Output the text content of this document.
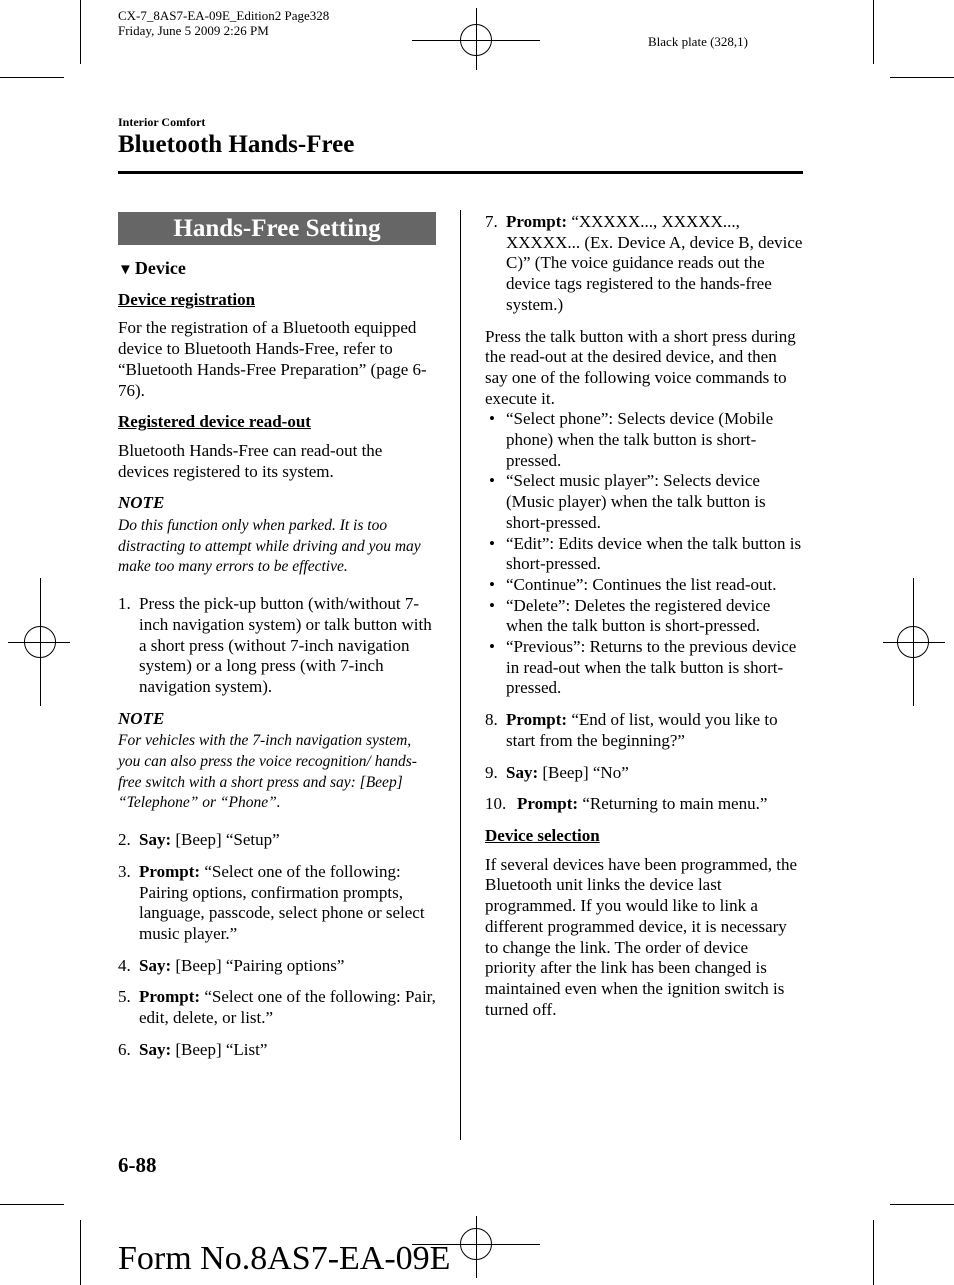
CX-7_8AS7-EA-09E_Edition2 Page328
Friday, June 5 2009 2:26 PM
Black plate (328,1)
Interior Comfort
Bluetooth Hands-Free
Hands-Free Setting
▼ Device
Device registration

For the registration of a Bluetooth equipped device to Bluetooth Hands-Free, refer to “Bluetooth Hands-Free Preparation” (page 6-76).

Registered device read-out

Bluetooth Hands-Free can read-out the devices registered to its system.

NOTE
Do this function only when parked. It is too distracting to attempt while driving and you may make too many errors to be effective.
1. Press the pick-up button (with/without 7-inch navigation system) or talk button with a short press (without 7-inch navigation system) or a long press (with 7-inch navigation system).
NOTE
For vehicles with the 7-inch navigation system, you can also press the voice recognition/ hands-free switch with a short press and say: [Beep] “Telephone” or “Phone”.
2. Say: [Beep] “Setup”
3. Prompt: “Select one of the following: Pairing options, confirmation prompts, language, passcode, select phone or select music player.”
4. Say: [Beep] “Pairing options”
5. Prompt: “Select one of the following: Pair, edit, delete, or list.”
6. Say: [Beep] “List”
7. Prompt: “XXXXX..., XXXXX..., XXXXX... (Ex. Device A, device B, device C)” (The voice guidance reads out the device tags registered to the hands-free system.)

Press the talk button with a short press during the read-out at the desired device, and then say one of the following voice commands to execute it.

• “Select phone”: Selects device (Mobile phone) when the talk button is short-pressed.
• “Select music player”: Selects device (Music player) when the talk button is short-pressed.
• “Edit”: Edits device when the talk button is short-pressed.
• “Continue”: Continues the list read-out.
• “Delete”: Deletes the registered device when the talk button is short-pressed.
• “Previous”: Returns to the previous device in read-out when the talk button is short-pressed.
8. Prompt: “End of list, would you like to start from the beginning?”
9. Say: [Beep] “No”
10. Prompt: “Returning to main menu.”
Device selection

If several devices have been programmed, the Bluetooth unit links the device last programmed. If you would like to link a different programmed device, it is necessary to change the link. The order of device priority after the link has been changed is maintained even when the ignition switch is turned off.

6-88
Form No.8AS7-EA-09E
